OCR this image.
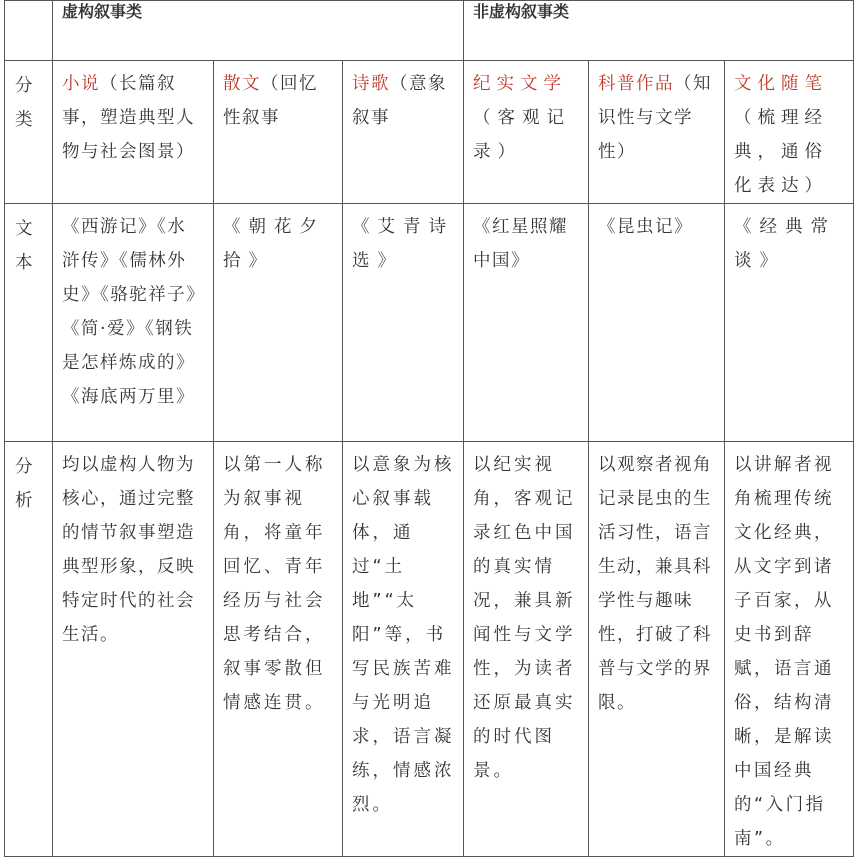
	虚构叙事类			非虚构叙事类		
分类	小说（长篇叙事，塑造典型人物与社会图景）	散文（回忆性叙事	诗歌（意象叙事	纪实文学（客观记录）	科普作品（知识性与文学性）	文化随笔（梳理经典，通俗化表达）
文本	《西游记》《水浒传》《儒林外史》《骆驼祥子》《简·爱》《钢铁是怎样炼成的》《海底两万里》	《朝花夕拾》	《艾青诗选》	《红星照耀中国》	《昆虫记》	《经典常谈》
分析	均以虚构人物为核心，通过完整的情节叙事塑造典型形象，反映特定时代的社会生活。	以第一人称为叙事视角，将童年回忆、青年经历与社会思考结合，叙事零散但情感连贯。	以意象为核心叙事载体，通过“土地”“太阳”等，书写民族苦难与光明追求，语言凝练，情感浓烈。	以纪实视角，客观记录红色中国的真实情况，兼具新闻性与文学性，为读者还原最真实的时代图景。	以观察者视角记录昆虫的生活习性，语言生动，兼具科学性与趣味性，打破了科普与文学的界限。	以讲解者视角梳理传统文化经典，从文字到诸子百家，从史书到辞赋，语言通俗，结构清晰，是解读中国经典的“入门指南”。
